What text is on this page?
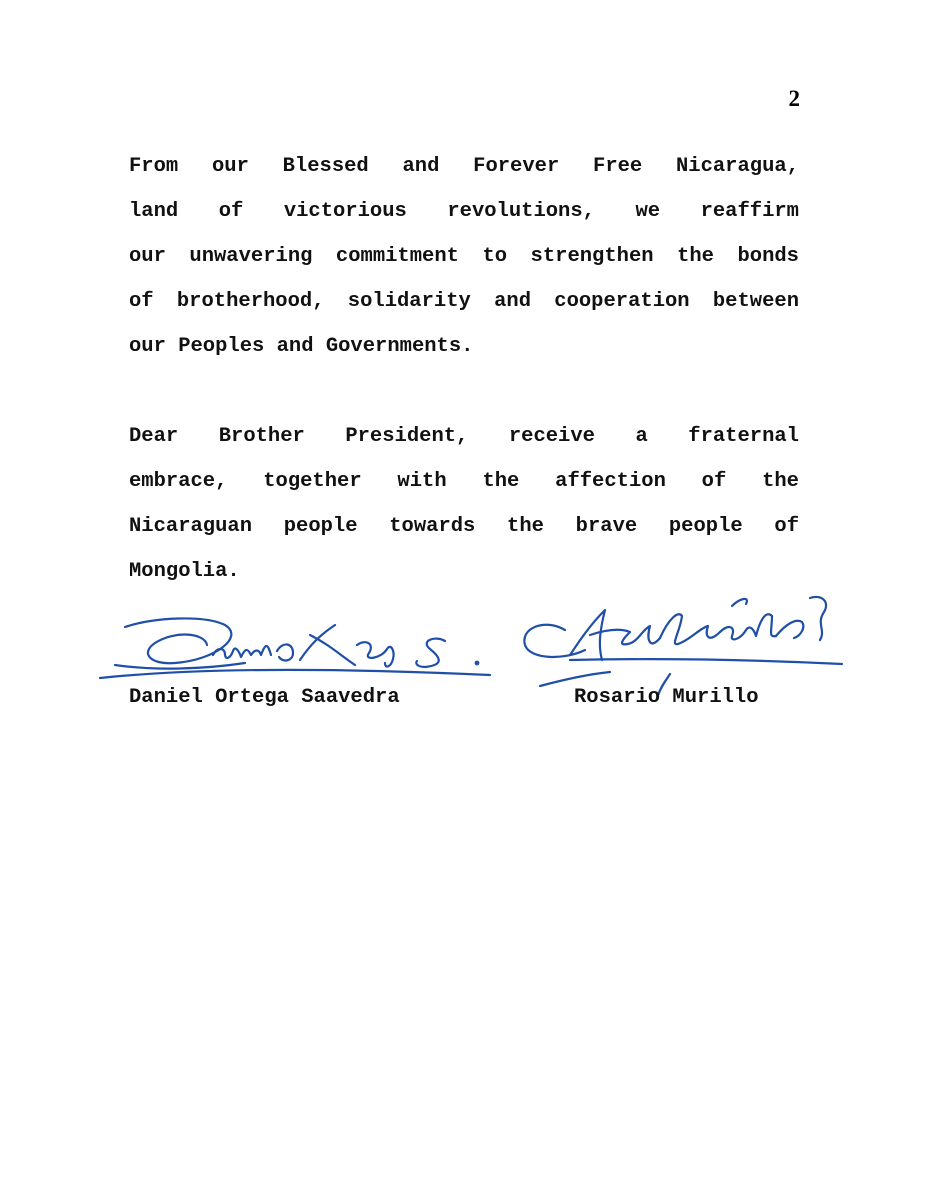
2

From our Blessed and Forever Free Nicaragua,
land of victorious revolutions, we reaffirm
our unwavering commitment to strengthen the bonds
of brotherhood, solidarity and cooperation between
our Peoples and Governments.

Dear Brother President, receive a fraternal
embrace, together with the affection of the
Nicaraguan people towards the brave people of
Mongolia.

Daniel Ortega Saavedra	Rosario Murillo
